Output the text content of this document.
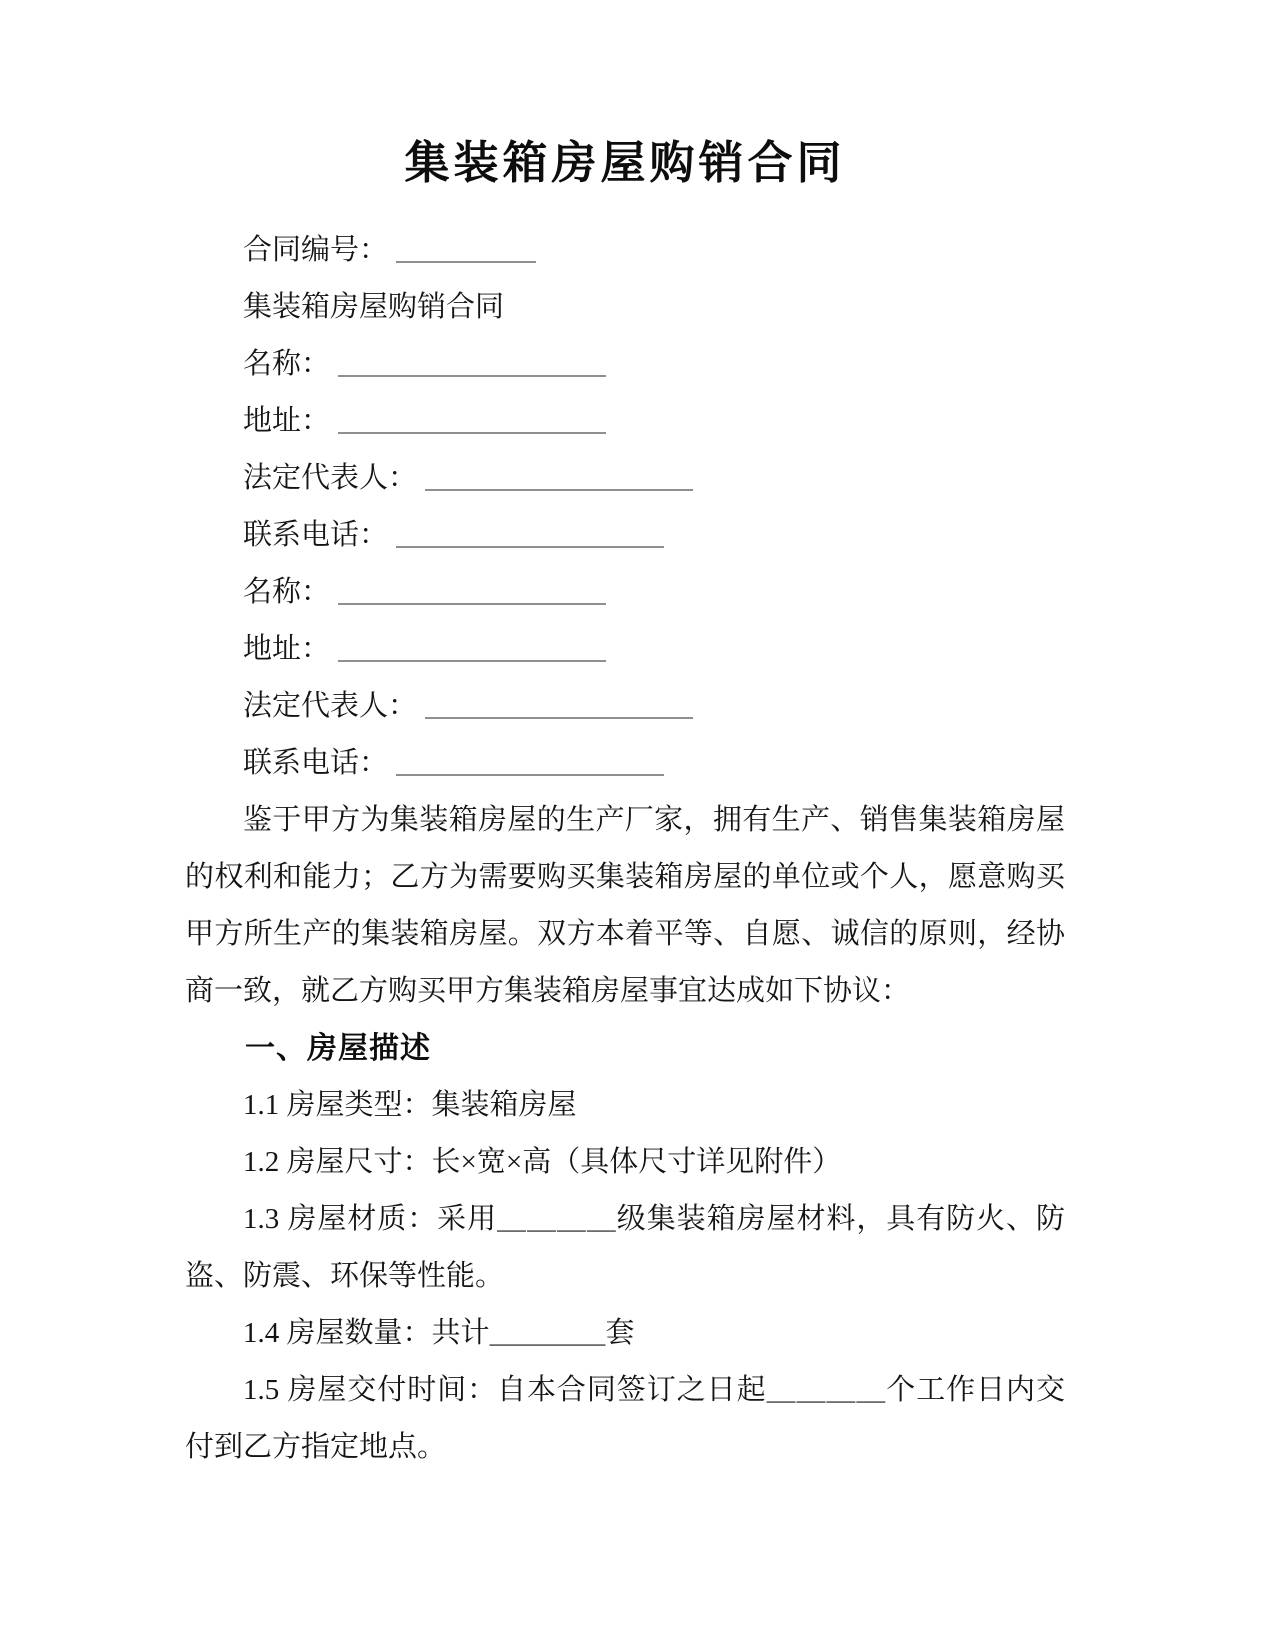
集装箱房屋购销合同

合同编号：

集装箱房屋购销合同

名称：

地址：

法定代表人：

联系电话：

名称：

地址：

法定代表人：

联系电话：

鉴于甲方为集装箱房屋的生产厂家，拥有生产、销售集装箱房屋的权利和能力；乙方为需要购买集装箱房屋的单位或个人，愿意购买甲方所生产的集装箱房屋。双方本着平等、自愿、诚信的原则，经协商一致，就乙方购买甲方集装箱房屋事宜达成如下协议：

一、房屋描述

1.1 房屋类型：集装箱房屋

1.2 房屋尺寸：长×宽×高（具体尺寸详见附件）

1.3 房屋材质：采用＿＿＿＿级集装箱房屋材料，具有防火、防盗、防震、环保等性能。

1.4 房屋数量：共计＿＿＿＿套

1.5 房屋交付时间：自本合同签订之日起＿＿＿＿个工作日内交付到乙方指定地点。
